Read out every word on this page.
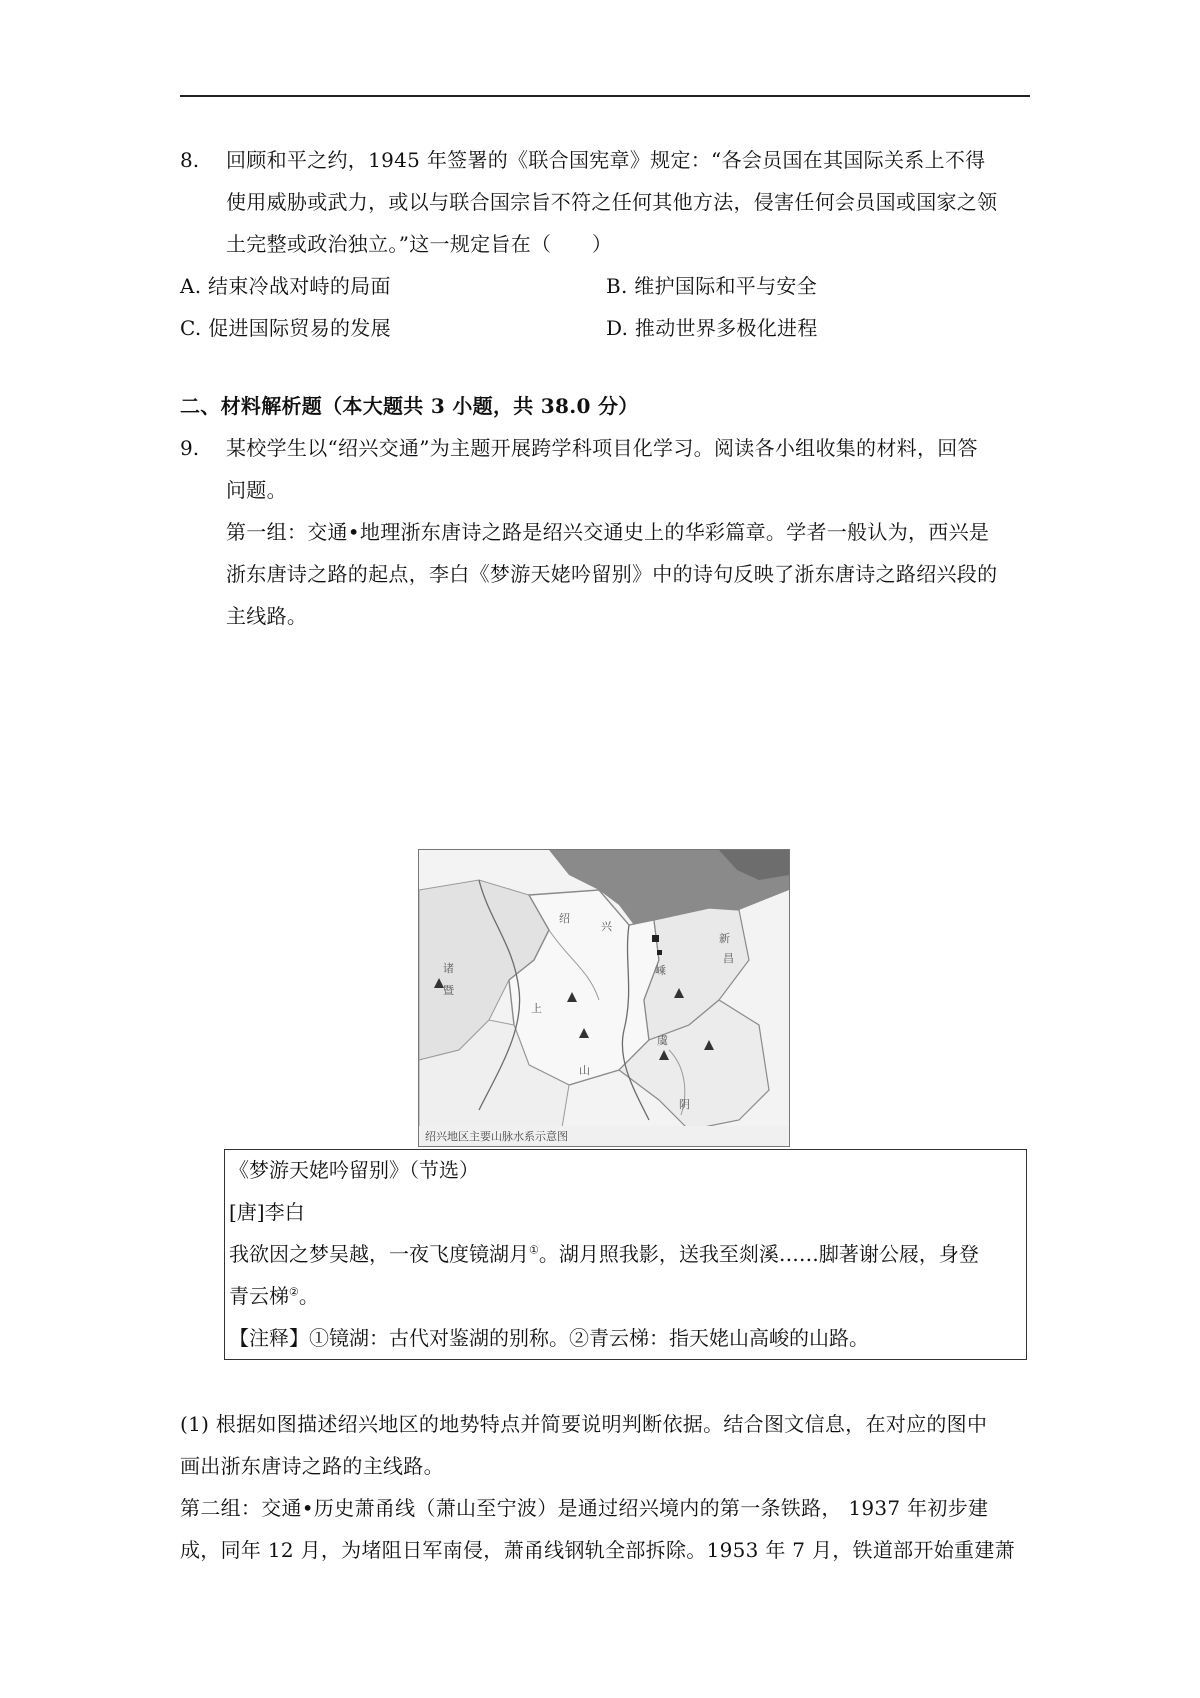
8. 回顾和平之约，1945 年签署的《联合国宪章》规定：“各会员国在其国际关系上不得
使用威胁或武力，或以与联合国宗旨不符之任何其他方法，侵害任何会员国或国家之领
土完整或政治独立。”这一规定旨在（　　）
A. 结束冷战对峙的局面	B. 维护国际和平与安全
C. 促进国际贸易的发展	D. 推动世界多极化进程
二、材料解析题（本大题共 3 小题，共 38.0 分）
9. 某校学生以“绍兴交通”为主题开展跨学科项目化学习。阅读各小组收集的材料，回答
问题。
第一组：交通•地理浙东唐诗之路是绍兴交通史上的华彩篇章。学者一般认为，西兴是
浙东唐诗之路的起点，李白《梦游天姥吟留别》中的诗句反映了浙东唐诗之路绍兴段的
主线路。
绍
兴
嵊
诸
暨
新
昌
上
虞
山
阴
绍兴地区主要山脉水系示意图
《梦游天姥吟留别》（节选）
[唐]李白
我欲因之梦吴越，一夜飞度镜湖月①。湖月照我影，送我至剡溪……脚著谢公屐，身登
青云梯②。
【注释】①镜湖：古代对鉴湖的别称。②青云梯：指天姥山高峻的山路。
(1) 根据如图描述绍兴地区的地势特点并简要说明判断依据。结合图文信息，在对应的图中
画出浙东唐诗之路的主线路。
第二组：交通•历史萧甬线（萧山至宁波）是通过绍兴境内的第一条铁路， 1937 年初步建
成，同年 12 月，为堵阻日军南侵，萧甬线钢轨全部拆除。1953 年 7 月，铁道部开始重建萧
